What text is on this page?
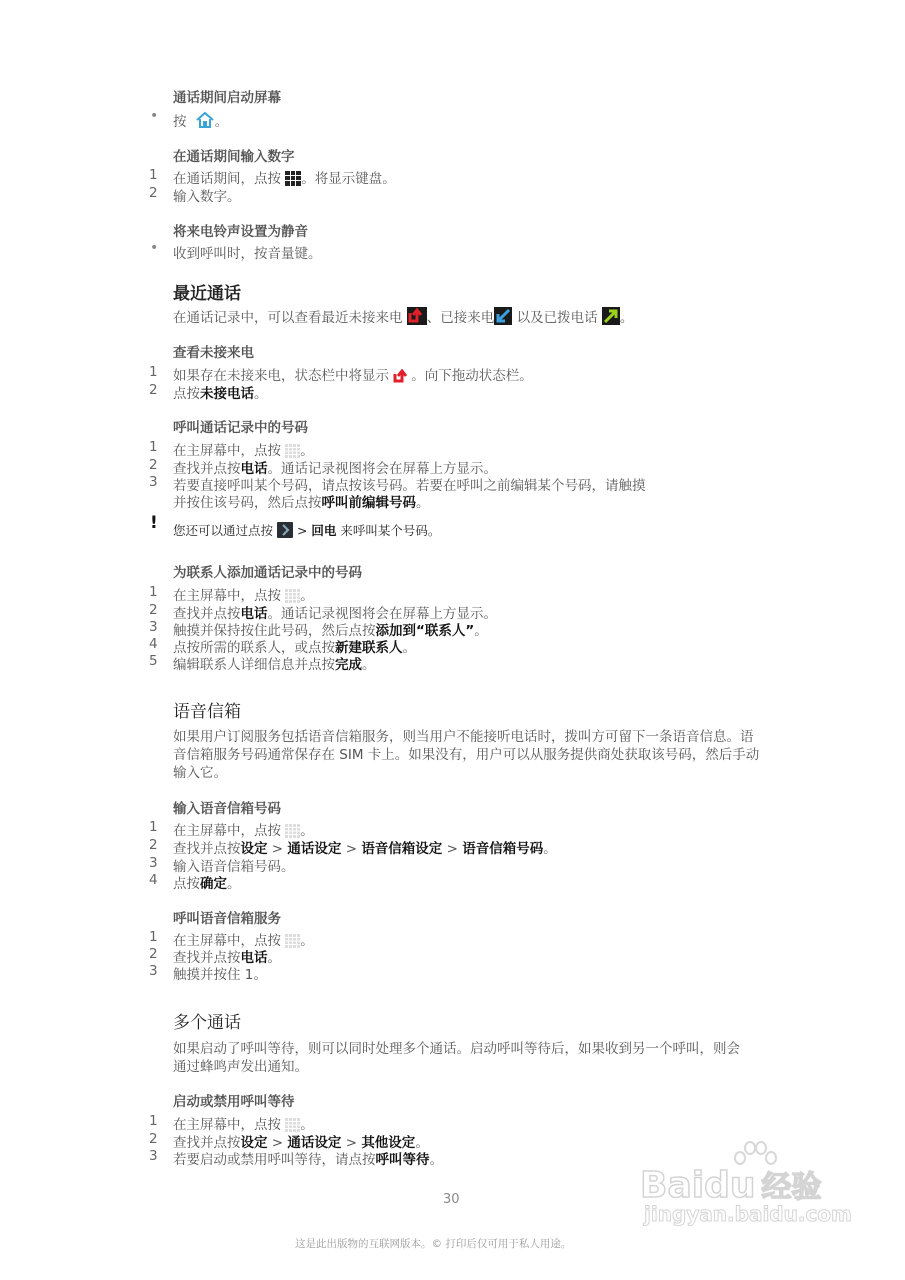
通话期间启动屏幕
• 按 。
在通话期间输入数字
1 在通话期间，点按 。将显示键盘。
2 输入数字。
将来电铃声设置为静音
• 收到呼叫时，按音量键。
最近通话
在通话记录中，可以查看最近未接来电 、已接来电 以及已拨电话 。
查看未接来电
1 如果存在未接来电，状态栏中将显示 。向下拖动状态栏。
2 点按未接电话。
呼叫通话记录中的号码
1 在主屏幕中，点按 。
2 查找并点按电话。通话记录视图将会在屏幕上方显示。
3 若要直接呼叫某个号码，请点按该号码。若要在呼叫之前编辑某个号码，请触摸
并按住该号码，然后点按呼叫前编辑号码。
! 您还可以通过点按  > 回电 来呼叫某个号码。
为联系人添加通话记录中的号码
1 在主屏幕中，点按 。
2 查找并点按电话。通话记录视图将会在屏幕上方显示。
3 触摸并保持按住此号码，然后点按添加到“联系人”。
4 点按所需的联系人，或点按新建联系人。
5 编辑联系人详细信息并点按完成。
语音信箱
如果用户订阅服务包括语音信箱服务，则当用户不能接听电话时，拨叫方可留下一条语音信息。语音信箱服务号码通常保存在 SIM 卡上。如果没有，用户可以从服务提供商处获取该号码，然后手动输入它。
输入语音信箱号码
1 在主屏幕中，点按 。
2 查找并点按设定 > 通话设定 > 语音信箱设定 > 语音信箱号码。
3 输入语音信箱号码。
4 点按确定。
呼叫语音信箱服务
1 在主屏幕中，点按 。
2 查找并点按电话。
3 触摸并按住 1。
多个通话
如果启动了呼叫等待，则可以同时处理多个通话。启动呼叫等待后，如果收到另一个呼叫，则会通过蜂鸣声发出通知。
启动或禁用呼叫等待
1 在主屏幕中，点按 。
2 查找并点按设定 > 通话设定 > 其他设定。
3 若要启动或禁用呼叫等待，请点按呼叫等待。
30
这是此出版物的互联网版本。© 打印后仅可用于私人用途。
Baidu 经验
jingyan.baidu.com
